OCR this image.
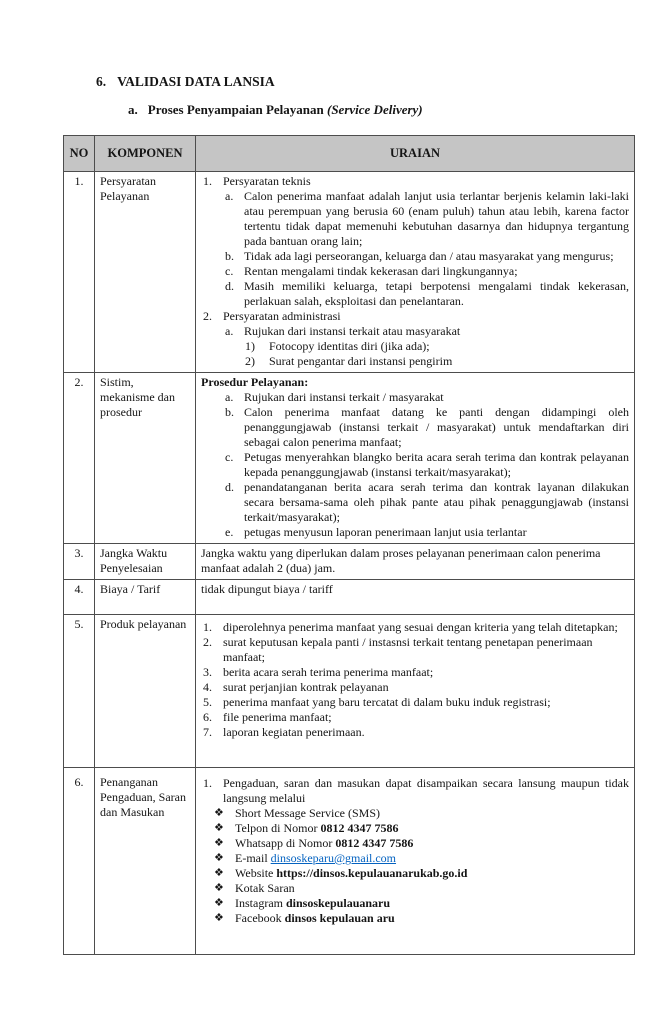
6. VALIDASI DATA LANSIA
a. Proses Penyampaian Pelayanan (Service Delivery)
NO	KOMPONEN	URAIAN
1.	Persyaratan Pelayanan	
1. Persyaratan teknis
a. Calon penerima manfaat adalah lanjut usia terlantar berjenis kelamin laki-laki atau perempuan yang berusia 60 (enam puluh) tahun atau lebih, karena factor tertentu tidak dapat memenuhi kebutuhan dasarnya dan hidupnya tergantung pada bantuan orang lain;
b. Tidak ada lagi perseorangan, keluarga dan / atau masyarakat yang mengurus;
c. Rentan mengalami tindak kekerasan dari lingkungannya;
d. Masih memiliki keluarga, tetapi berpotensi mengalami tindak kekerasan, perlakuan salah, eksploitasi dan penelantaran.
2. Persyaratan administrasi
a. Rujukan dari instansi terkait atau masyarakat
1) Fotocopy identitas diri (jika ada);
2) Surat pengantar dari instansi pengirim

2.	Sistim, mekanisme dan prosedur	
Prosedur Pelayanan:
a. Rujukan dari instansi terkait / masyarakat
b. Calon penerima manfaat datang ke panti dengan didampingi oleh penanggungjawab (instansi terkait / masyarakat) untuk mendaftarkan diri sebagai calon penerima manfaat;
c. Petugas menyerahkan blangko berita acara serah terima dan kontrak pelayanan kepada penanggungjawab (instansi terkait/masyarakat);
d. penandatanganan berita acara serah terima dan kontrak layanan dilakukan secara bersama-sama oleh pihak pante atau pihak penaggungjawab (instansi terkait/masyarakat);
e. petugas menyusun laporan penerimaan lanjut usia terlantar

3.	Jangka Waktu Penyelesaian	Jangka waktu yang diperlukan dalam proses pelayanan penerimaan calon penerima manfaat adalah 2 (dua) jam.

4.	Biaya / Tarif	tidak dipungut biaya / tariff

5.	Produk pelayanan	1. diperolehnya penerima manfaat yang sesuai dengan kriteria yang telah ditetapkan;
2. surat keputusan kepala panti / instasnsi terkait tentang penetapan penerimaan manfaat;
3. berita acara serah terima penerima manfaat;
4. surat perjanjian kontrak pelayanan
5. penerima manfaat yang baru tercatat di dalam buku induk registrasi;
6. file penerima manfaat;
7. laporan kegiatan penerimaan.

6.	Penanganan Pengaduan, Saran dan Masukan	
1. Pengaduan, saran dan masukan dapat disampaikan secara lansung maupun tidak langsung melalui
❖ Short Message Service (SMS)
❖ Telpon di Nomor 0812 4347 7586
❖ Whatsapp di Nomor 0812 4347 7586
❖ E-mail dinsoskeparu@gmail.com
❖ Website https://dinsos.kepulauanarukab.go.id
❖ Kotak Saran
❖ Instagram dinsoskepulauanaru
❖ Facebook dinsos kepulauan aru
